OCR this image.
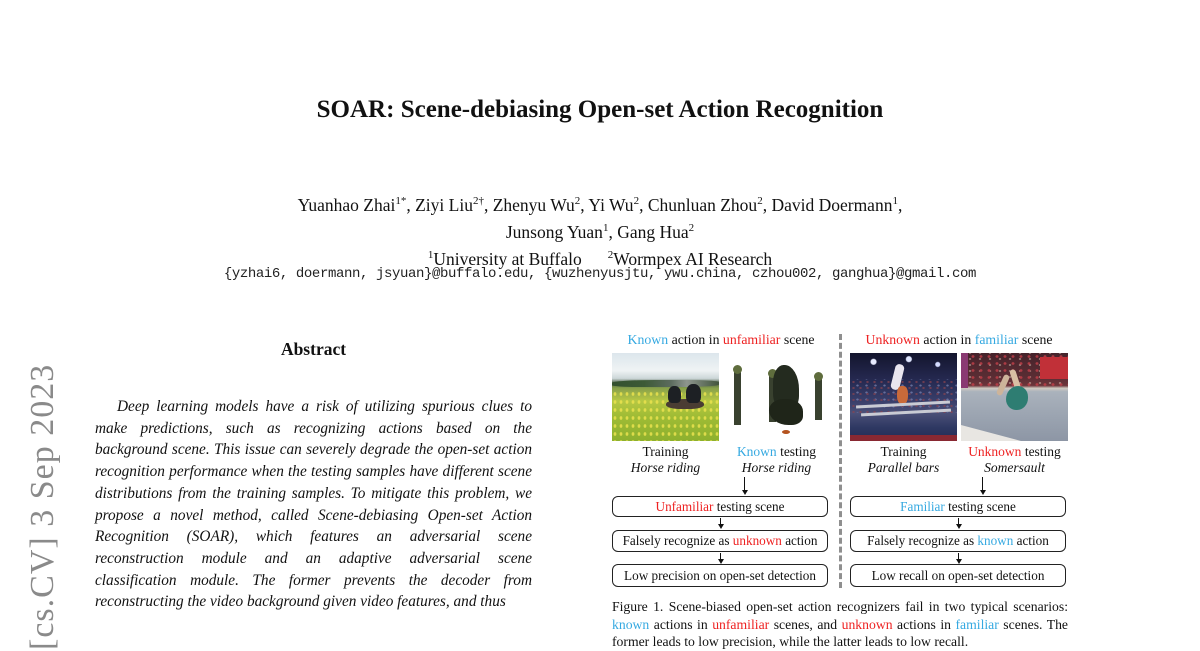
[cs.CV] 3 Sep 2023
SOAR: Scene-debiasing Open-set Action Recognition
Yuanhao Zhai$^{1*}$, Ziyi Liu$^{2\dagger}$, Zhenyu Wu$^2$, Yi Wu$^2$, Chunluan Zhou$^2$, David Doermann$^1$,
Junsong Yuan$^1$, Gang Hua$^2$
$^1$University at Buffalo $^2$Wormpex AI Research
{yzhai6, doermann, jsyuan}@buffalo.edu, {wuzhenyusjtu, ywu.china, czhou002, ganghua}@gmail.com
Abstract
Deep learning models have a risk of utilizing spurious clues to make predictions, such as recognizing actions based on the background scene. This issue can severely degrade the open-set action recognition performance when the testing samples have different scene distributions from the training samples. To mitigate this problem, we propose a novel method, called Scene-debiasing Open-set Action Recognition (SOAR), which features an adversarial scene reconstruction module and an adaptive adversarial scene classification module. The former prevents the decoder from reconstructing the video background given video features, and thus
Known action in unfamiliar scene
Training
Horse riding
Known testing
Horse riding
Unfamiliar testing scene
Falsely recognize as unknown action
Low precision on open-set detection
Unknown action in familiar scene
Training
Parallel bars
Unknown testing
Somersault
Familiar testing scene
Falsely recognize as known action
Low recall on open-set detection
Figure 1. Scene-biased open-set action recognizers fail in two typical scenarios: known actions in unfamiliar scenes, and unknown actions in familiar scenes. The former leads to low precision, while the latter leads to low recall.
